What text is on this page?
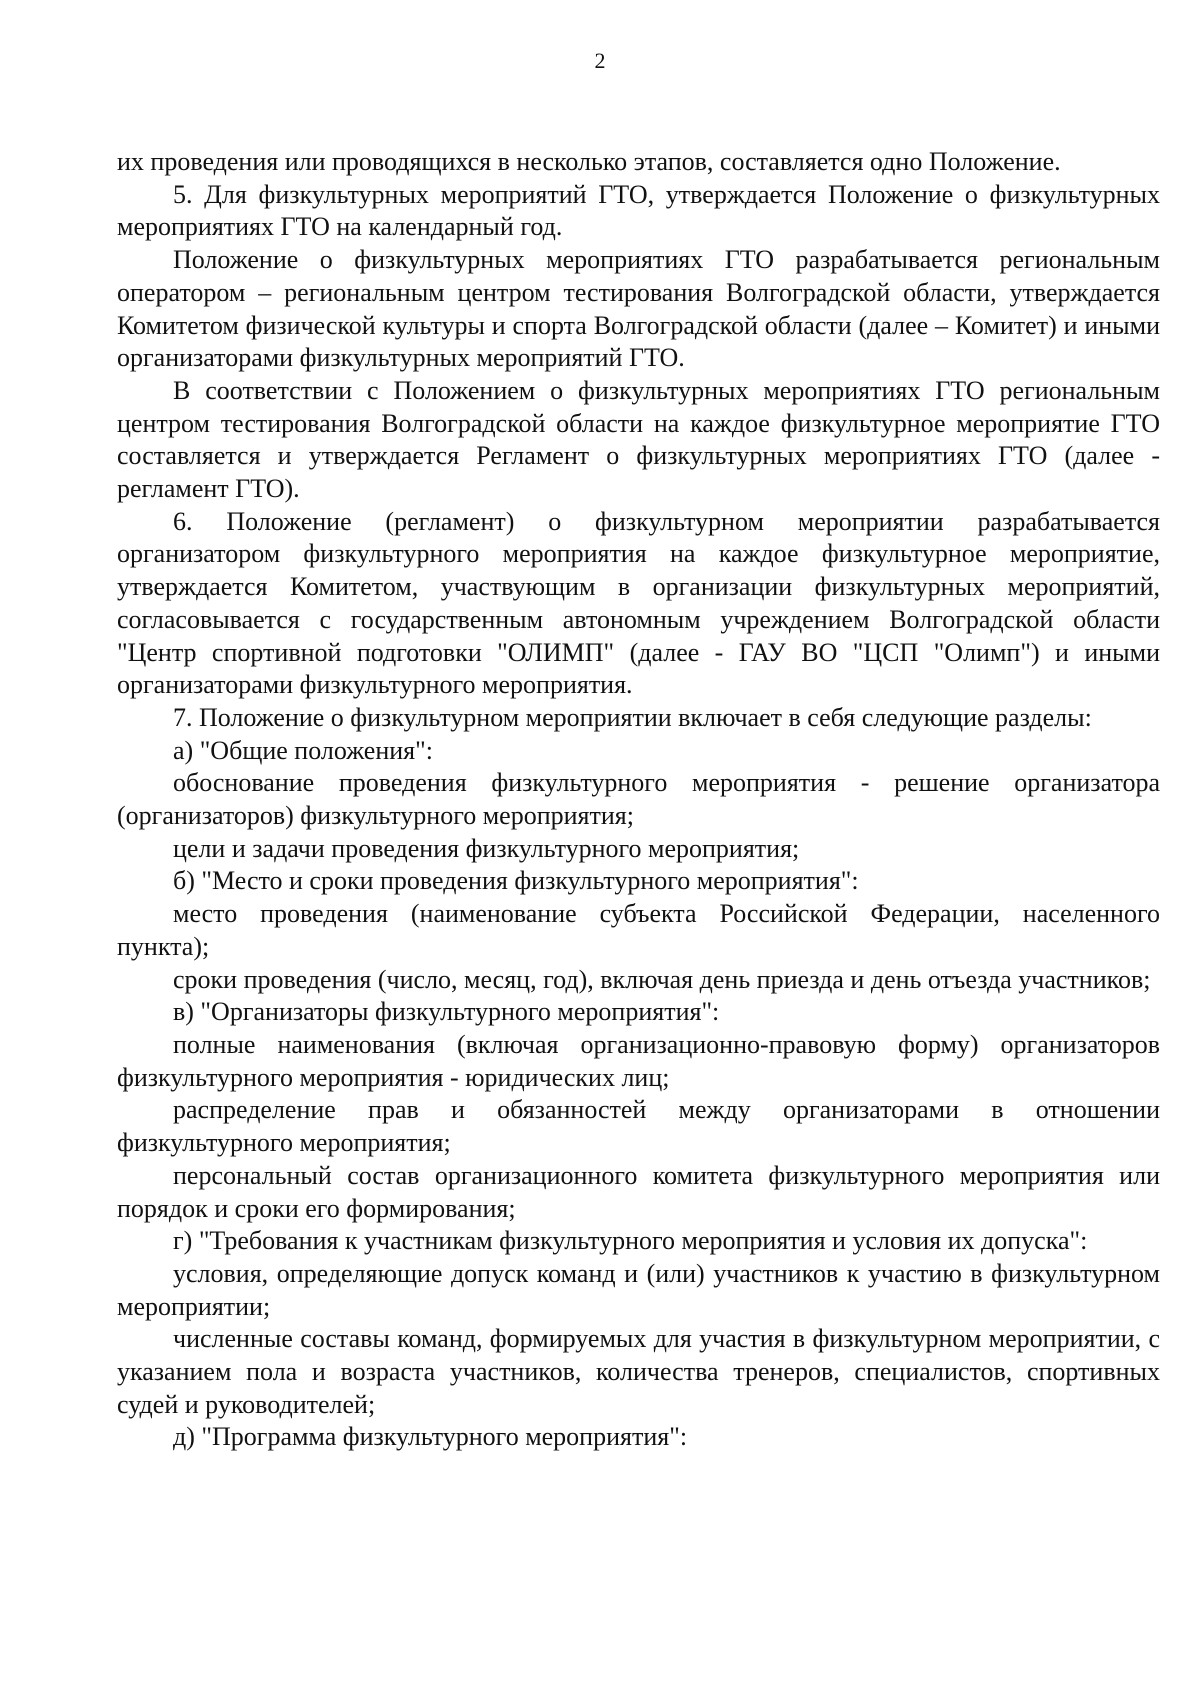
2

их проведения или проводящихся в несколько этапов, составляется одно Положение.

5. Для физкультурных мероприятий ГТО, утверждается Положение о физкультурных мероприятиях ГТО на календарный год.

Положение о физкультурных мероприятиях ГТО разрабатывается региональным оператором – региональным центром тестирования Волгоградской области, утверждается Комитетом физической культуры и спорта Волгоградской области (далее – Комитет) и иными организаторами физкультурных мероприятий ГТО.

В соответствии с Положением о физкультурных мероприятиях ГТО региональным центром тестирования Волгоградской области на каждое физкультурное мероприятие ГТО составляется и утверждается Регламент о физкультурных мероприятиях ГТО (далее - регламент ГТО).

6. Положение (регламент) о физкультурном мероприятии разрабатывается организатором физкультурного мероприятия на каждое физкультурное мероприятие, утверждается Комитетом, участвующим в организации физкультурных мероприятий, согласовывается с государственным автономным учреждением Волгоградской области "Центр спортивной подготовки "ОЛИМП" (далее - ГАУ ВО "ЦСП "Олимп") и иными организаторами физкультурного мероприятия.

7. Положение о физкультурном мероприятии включает в себя следующие разделы:

а) "Общие положения":

обоснование проведения физкультурного мероприятия - решение организатора (организаторов) физкультурного мероприятия;

цели и задачи проведения физкультурного мероприятия;

б) "Место и сроки проведения физкультурного мероприятия":

место проведения (наименование субъекта Российской Федерации, населенного пункта);

сроки проведения (число, месяц, год), включая день приезда и день отъезда участников;

в) "Организаторы физкультурного мероприятия":

полные наименования (включая организационно-правовую форму) организаторов физкультурного мероприятия - юридических лиц;

распределение прав и обязанностей между организаторами в отношении физкультурного мероприятия;

персональный состав организационного комитета физкультурного мероприятия или порядок и сроки его формирования;

г) "Требования к участникам физкультурного мероприятия и условия их допуска":

условия, определяющие допуск команд и (или) участников к участию в физкультурном мероприятии;

численные составы команд, формируемых для участия в физкультурном мероприятии, с указанием пола и возраста участников, количества тренеров, специалистов, спортивных судей и руководителей;

д) "Программа физкультурного мероприятия":
